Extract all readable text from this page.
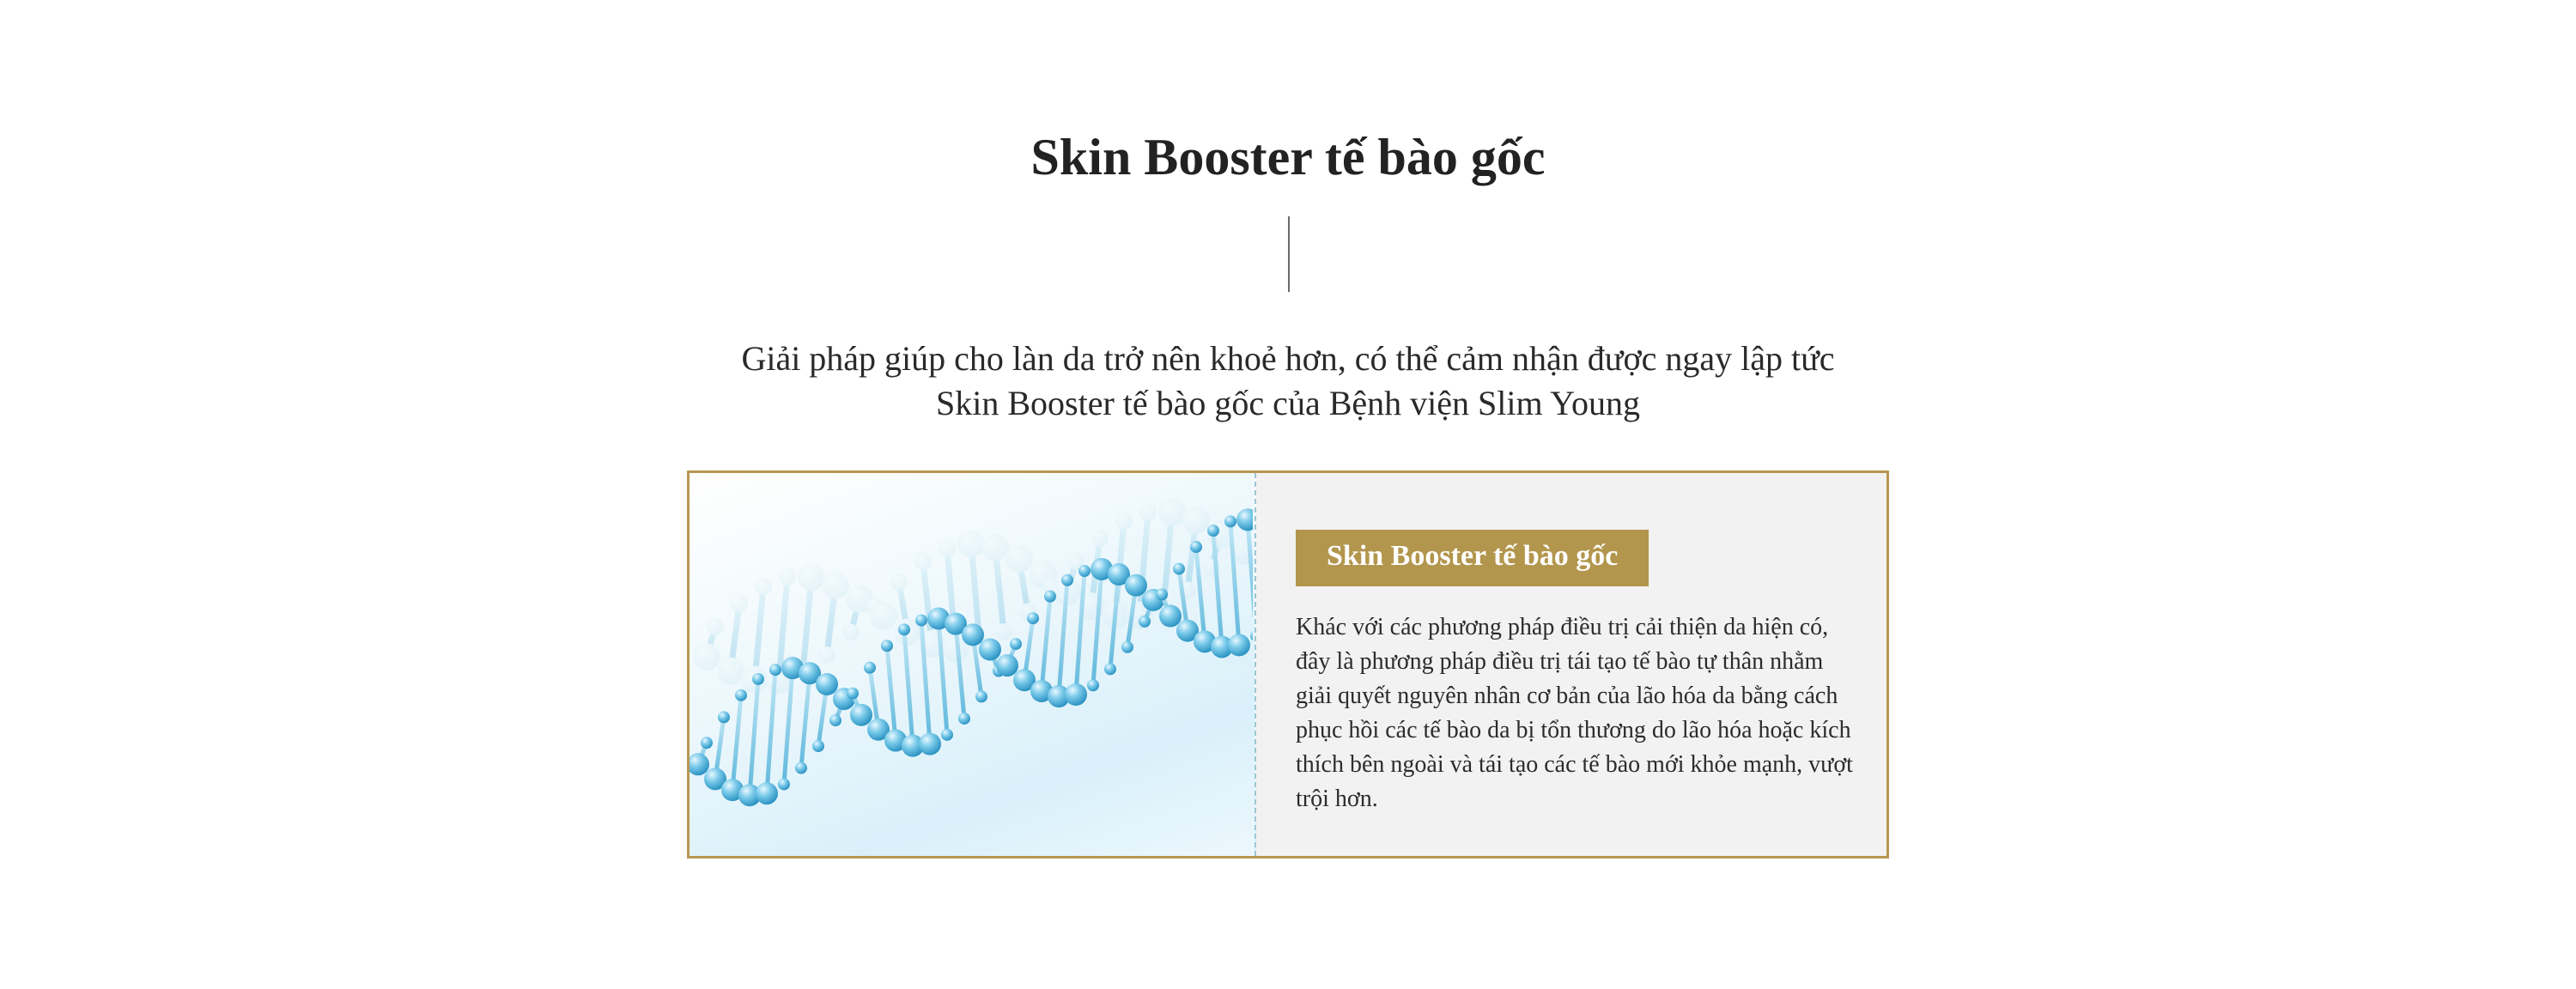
Skin Booster tế bào gốc
Giải pháp giúp cho làn da trở nên khoẻ hơn, có thể cảm nhận được ngay lập tức
Skin Booster tế bào gốc của Bệnh viện Slim Young
Skin Booster tế bào gốc
Khác với các phương pháp điều trị cải thiện da hiện có, đây là phương pháp điều trị tái tạo tế bào tự thân nhằm giải quyết nguyên nhân cơ bản của lão hóa da bằng cách phục hồi các tế bào da bị tổn thương do lão hóa hoặc kích thích bên ngoài và tái tạo các tế bào mới khỏe mạnh, vượt trội hơn.
